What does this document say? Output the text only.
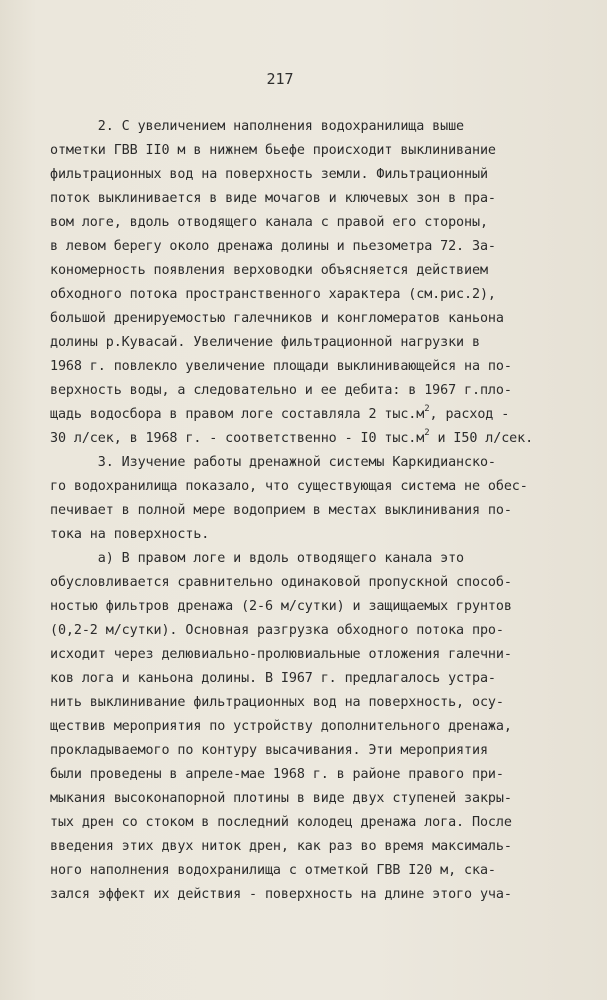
217
2. С увеличением наполнения водохранилища выше
отметки ГВВ II0 м в нижнем бьефе происходит выклинивание
фильтрационных вод на поверхность земли. Фильтрационный
поток выклинивается в виде мочагов и ключевых зон в пра-
вом логе, вдоль отводящего канала с правой его стороны,
в левом берегу около дренажа долины и пьезометра 72. За-
кономерность появления верховодки объясняется действием
обходного потока пространственного характера (см.рис.2),
большой дренируемостью галечников и конгломератов каньона
долины р.Кувасай. Увеличение фильтрационной нагрузки в
1968 г. повлекло увеличение площади выклинивающейся на по-
верхность воды, а следовательно и ее дебита: в 1967 г.пло-
щадь водосбора в правом логе составляла 2 $тыс.м^2$, расход -
30 л/сек, в 1968 г. - соответственно - I0 $тыс.м^2$ и I50 л/сек.
3. Изучение работы дренажной системы Каркидианско-
го водохранилища показало, что существующая система не обес-
печивает в полной мере водоприем в местах выклинивания по-
тока на поверхность.
а) В правом логе и вдоль отводящего канала это
обусловливается сравнительно одинаковой пропускной способ-
ностью фильтров дренажа (2-6 м/сутки) и защищаемых грунтов
(0,2-2 м/сутки). Основная разгрузка обходного потока про-
исходит через делювиально-пролювиальные отложения галечни-
ков лога и каньона долины. В I967 г. предлагалось устра-
нить выклинивание фильтрационных вод на поверхность, осу-
ществив мероприятия по устройству дополнительного дренажа,
прокладываемого по контуру высачивания. Эти мероприятия
были проведены в апреле-мае 1968 г. в районе правого при-
мыкания высоконапорной плотины в виде двух ступеней закры-
тых дрен со стоком в последний колодец дренажа лога. После
введения этих двух ниток дрен, как раз во время максималь-
ного наполнения водохранилища с отметкой ГВВ I20 м, ска-
зался эффект их действия - поверхность на длине этого уча-
